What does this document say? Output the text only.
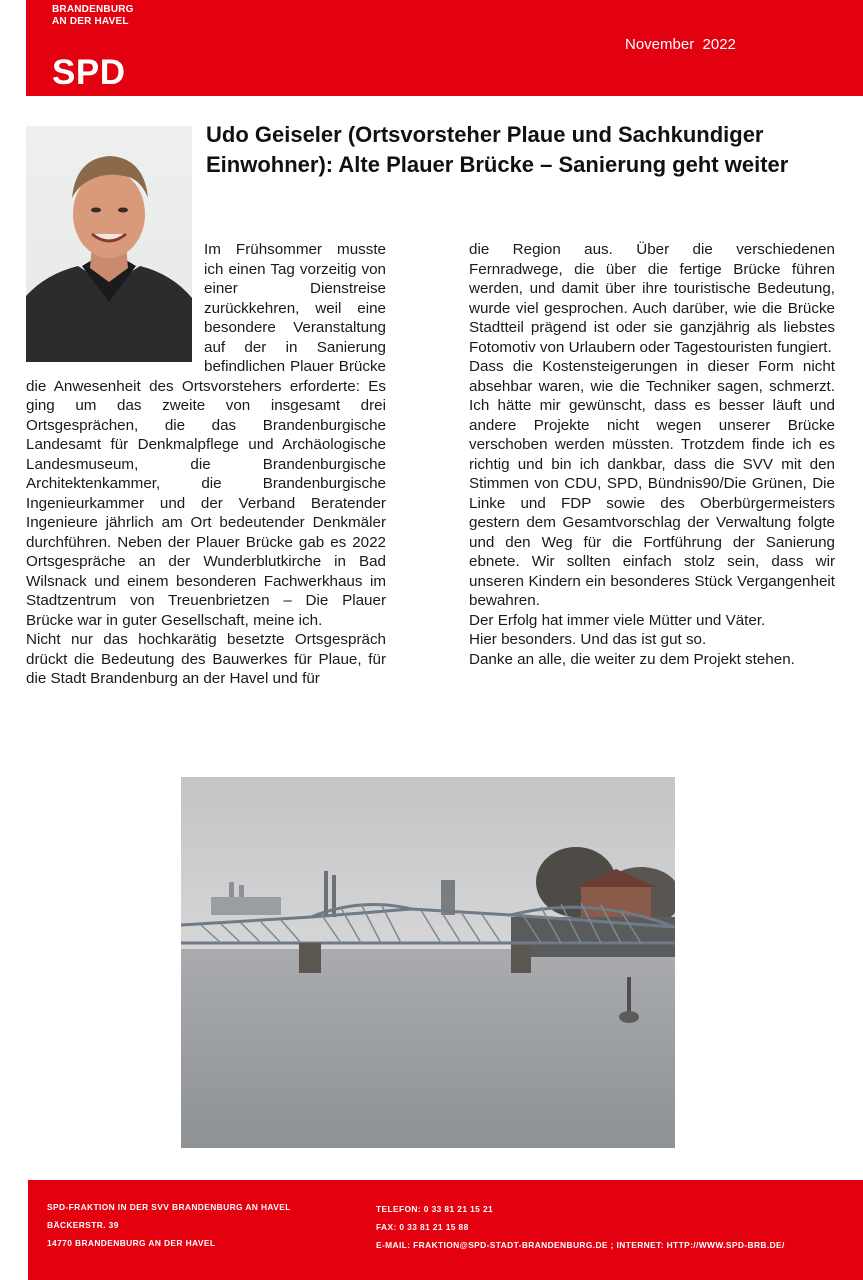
BRANDENBURG
AN DER HAVEL
SPD
November  2022
Udo Geiseler (Ortsvorsteher Plaue und Sachkundiger Einwohner): Alte Plauer Brücke – Sanierung geht weiter

Im Frühsommer musste ich einen Tag vorzeitig von einer Dienstreise zurückkehren, weil eine besondere Veranstaltung auf der in Sanierung befindlichen Plauer Brücke die Anwesenheit des Ortsvorstehers erforderte: Es ging um das zweite von insgesamt drei Ortsgesprächen, die das Brandenburgische Landesamt für Denkmalpflege und Archäologische Landesmuseum, die Brandenburgische Architektenkammer, die Brandenburgische Ingenieurkammer und der Verband Beratender Ingenieure jährlich am Ort bedeutender Denkmäler durchführen. Neben der Plauer Brücke gab es 2022 Ortsgespräche an der Wunderblutkirche in Bad Wilsnack und einem besonderen Fachwerkhaus im Stadtzentrum von Treuenbrietzen – Die Plauer Brücke war in guter Gesellschaft, meine ich.

Nicht nur das hochkarätig besetzte Ortsgespräch drückt die Bedeutung des Bauwerkes für Plaue, für die Stadt Brandenburg an der Havel und für

die Region aus. Über die verschiedenen Fernradwege, die über die fertige Brücke führen werden, und damit über ihre touristische Bedeutung, wurde viel gesprochen. Auch darüber, wie die Brücke Stadtteil prägend ist oder sie ganzjährig als liebstes Fotomotiv von Urlaubern oder Tagestouristen fungiert.

Dass die Kostensteigerungen in dieser Form nicht absehbar waren, wie die Techniker sagen, schmerzt. Ich hätte mir gewünscht, dass es besser läuft und andere Projekte nicht wegen unserer Brücke verschoben werden müssten. Trotzdem finde ich es richtig und bin ich dankbar, dass die SVV mit den Stimmen von CDU, SPD, Bündnis90/Die Grünen, Die Linke und FDP sowie des Oberbürgermeisters gestern dem Gesamtvorschlag der Verwaltung folgte und den Weg für die Fortführung der Sanierung ebnete. Wir sollten einfach stolz sein, dass wir unseren Kindern ein besonderes Stück Vergangenheit bewahren.

Der Erfolg hat immer viele Mütter und Väter.

Hier besonders. Und das ist gut so.

Danke an alle, die weiter zu dem Projekt stehen.

SPD-FRAKTION IN DER SVV BRANDENBURG AN HAVEL
BÄCKERSTR. 39
14770 BRANDENBURG AN DER HAVEL
TELEFON: 0 33 81 21 15 21
FAX: 0 33 81 21 15 88
E-MAIL: FRAKTION@SPD-STADT-BRANDENBURG.DE ; INTERNET: HTTP://WWW.SPD-BRB.DE/
